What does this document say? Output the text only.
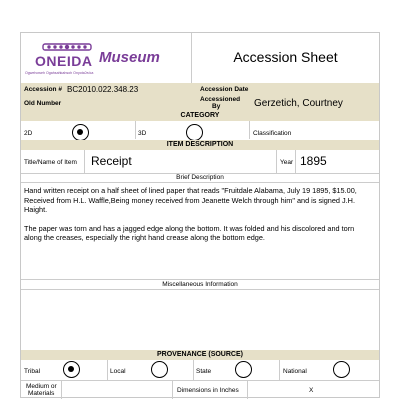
ONEIDA
Ogwehoweh Ogahsahkahsoh Onyotaʔa:ka
Museum	Accession Sheet
Accession # BC2010.022.348.23	Accession Date
Old Number
Accessioned
By	Gerzetich, Courtney
CATEGORY
2D	3D	Classification
ITEM DESCRIPTION
Title/Name of Item Receipt	Year 1895
Brief Description
Hand written receipt on a half sheet of lined paper that reads "Fruitdale Alabama, July 19 1895, $15.00, Received from H.L. Waffle,Being money received from Jeanette Welch through him" and is signed J.H. Haight.
The paper was torn and has a jagged edge along the bottom. It was folded and his discolored and torn along the creases, especially the right hand crease along the bottom edge.
Miscellaneous Information
PROVENANCE (SOURCE)
Tribal	Local	State	National
Medium or
Materials	Dimensions in Inches	X
